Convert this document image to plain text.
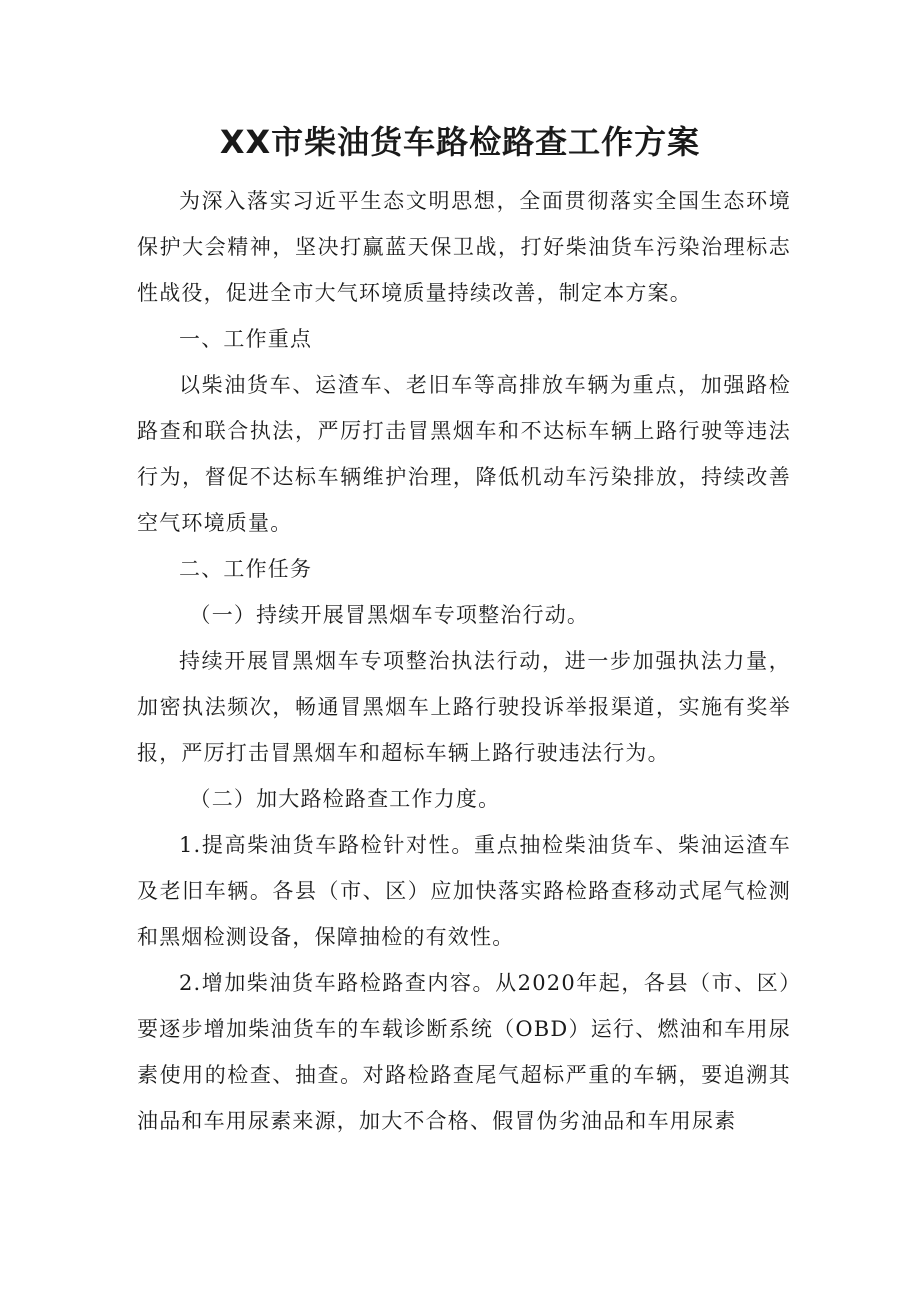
XX市柴油货车路检路查工作方案

为深入落实习近平生态文明思想，全面贯彻落实全国生态环境保护大会精神，坚决打赢蓝天保卫战，打好柴油货车污染治理标志性战役，促进全市大气环境质量持续改善，制定本方案。

一、工作重点

以柴油货车、运渣车、老旧车等高排放车辆为重点，加强路检路查和联合执法，严厉打击冒黑烟车和不达标车辆上路行驶等违法行为，督促不达标车辆维护治理，降低机动车污染排放，持续改善空气环境质量。

二、工作任务

（一）持续开展冒黑烟车专项整治行动。

持续开展冒黑烟车专项整治执法行动，进一步加强执法力量，加密执法频次，畅通冒黑烟车上路行驶投诉举报渠道，实施有奖举报，严厉打击冒黑烟车和超标车辆上路行驶违法行为。

（二）加大路检路查工作力度。

1.提高柴油货车路检针对性。重点抽检柴油货车、柴油运渣车及老旧车辆。各县（市、区）应加快落实路检路查移动式尾气检测和黑烟检测设备，保障抽检的有效性。

2.增加柴油货车路检路查内容。从2020年起，各县（市、区）要逐步增加柴油货车的车载诊断系统（OBD）运行、燃油和车用尿素使用的检查、抽查。对路检路查尾气超标严重的车辆，要追溯其油品和车用尿素来源，加大不合格、假冒伪劣油品和车用尿素
